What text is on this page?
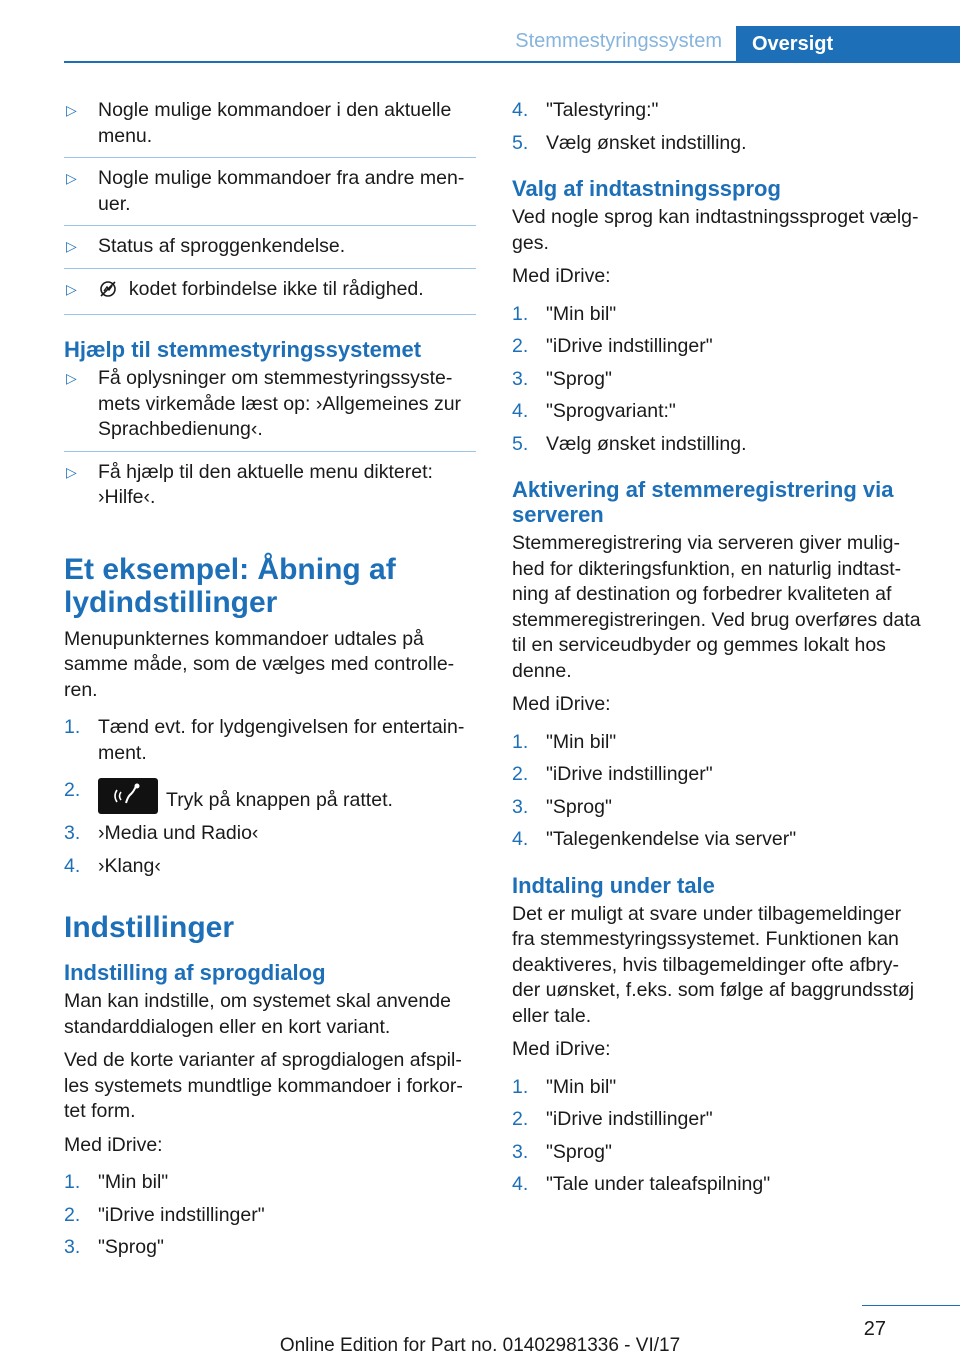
Stemmestyringssystem	Oversigt
▷ Nogle mulige kommandoer i den aktuelle menu.
▷ Nogle mulige kommandoer fra andre men- uer.
▷ Status af sproggenkendelse.
▷	kodet forbindelse ikke til rådighed.
Hjælp til stemmestyringssystemet
▷ Få oplysninger om stemmestyringssyste- mets virkemåde læst op: ›Allgemeines zur Sprachbedienung‹.
▷ Få hjælp til den aktuelle menu dikteret: ›Hilfe‹.
Et eksempel: Åbning af lydindstillinger

Menupunkternes kommandoer udtales på samme måde, som de vælges med controlle- ren.

1. Tænd evt. for lydgengivelsen for entertain- ment.
2.	Tryk på knappen på rattet.
3. ›Media und Radio‹
4. ›Klang‹
Indstillinger
Indstilling af sprogdialog

Man kan indstille, om systemet skal anvende standarddialogen eller en kort variant.

Ved de korte varianter af sprogdialogen afspil- les systemets mundtlige kommandoer i forkor- tet form.

Med iDrive:

1. "Min bil"
2. "iDrive indstillinger"
3. "Sprog"
4. "Talestyring:"
5. Vælg ønsket indstilling.
Valg af indtastningssprog

Ved nogle sprog kan indtastningssproget vælg- ges.

Med iDrive:

1. "Min bil"
2. "iDrive indstillinger"
3. "Sprog"
4. "Sprogvariant:"
5. Vælg ønsket indstilling.
Aktivering af stemmeregistrering via serveren

Stemmeregistrering via serveren giver mulig- hed for dikteringsfunktion, en naturlig indtast- ning af destination og forbedrer kvaliteten af stemmeregistreringen. Ved brug overføres data til en serviceudbyder og gemmes lokalt hos denne.

Med iDrive:

1. "Min bil"
2. "iDrive indstillinger"
3. "Sprog"
4. "Talegenkendelse via server"
Indtaling under tale

Det er muligt at svare under tilbagemeldinger fra stemmestyringssystemet. Funktionen kan deaktiveres, hvis tilbagemeldinger ofte afbry- der uønsket, f.eks. som følge af baggrundsstøj eller tale.

Med iDrive:

1. "Min bil"
2. "iDrive indstillinger"
3. "Sprog"
4. "Tale under taleafspilning"
27
Online Edition for Part no. 01402981336 - VI/17
